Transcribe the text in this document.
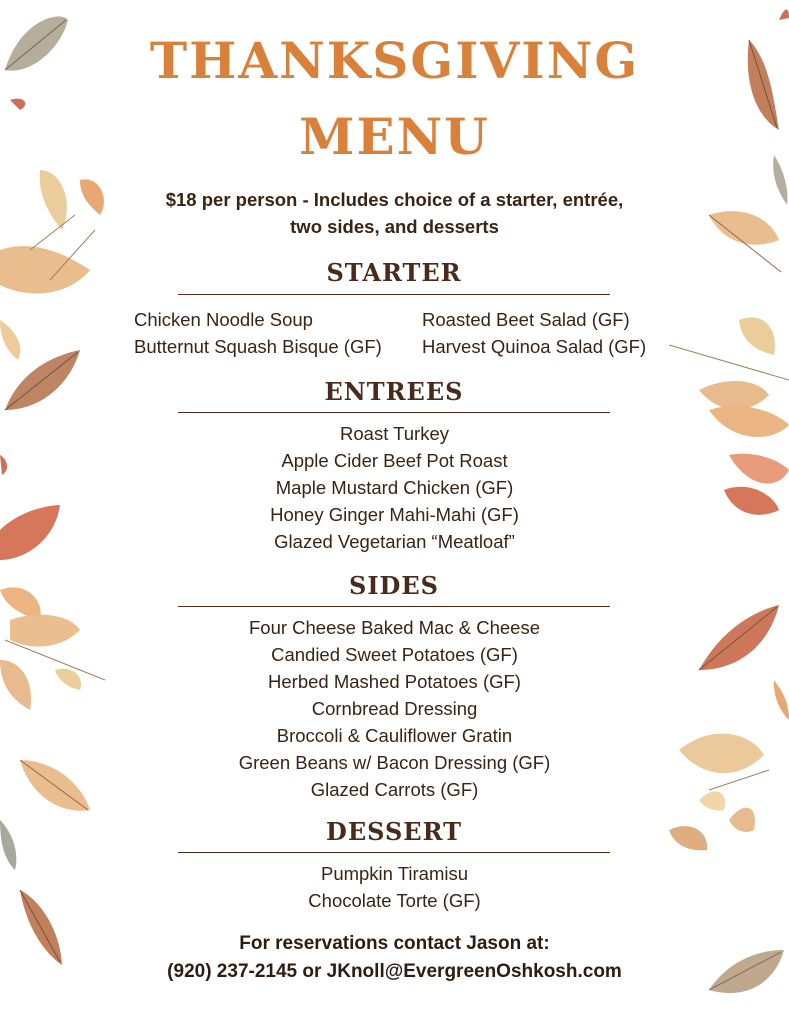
THANKSGIVING
MENU
$18 per person - Includes choice of a starter, entrée,
two sides, and desserts
STARTER
Chicken Noodle Soup
Butternut Squash Bisque (GF)
Roasted Beet Salad (GF)
Harvest Quinoa Salad (GF)
ENTREES
Roast Turkey
Apple Cider Beef Pot Roast
Maple Mustard Chicken (GF)
Honey Ginger Mahi-Mahi (GF)
Glazed Vegetarian “Meatloaf”
SIDES
Four Cheese Baked Mac & Cheese
Candied Sweet Potatoes (GF)
Herbed Mashed Potatoes (GF)
Cornbread Dressing
Broccoli & Cauliflower Gratin
Green Beans w/ Bacon Dressing (GF)
Glazed Carrots (GF)
DESSERT
Pumpkin Tiramisu
Chocolate Torte (GF)
For reservations contact Jason at:
(920) 237-2145 or JKnoll@EvergreenOshkosh.com
